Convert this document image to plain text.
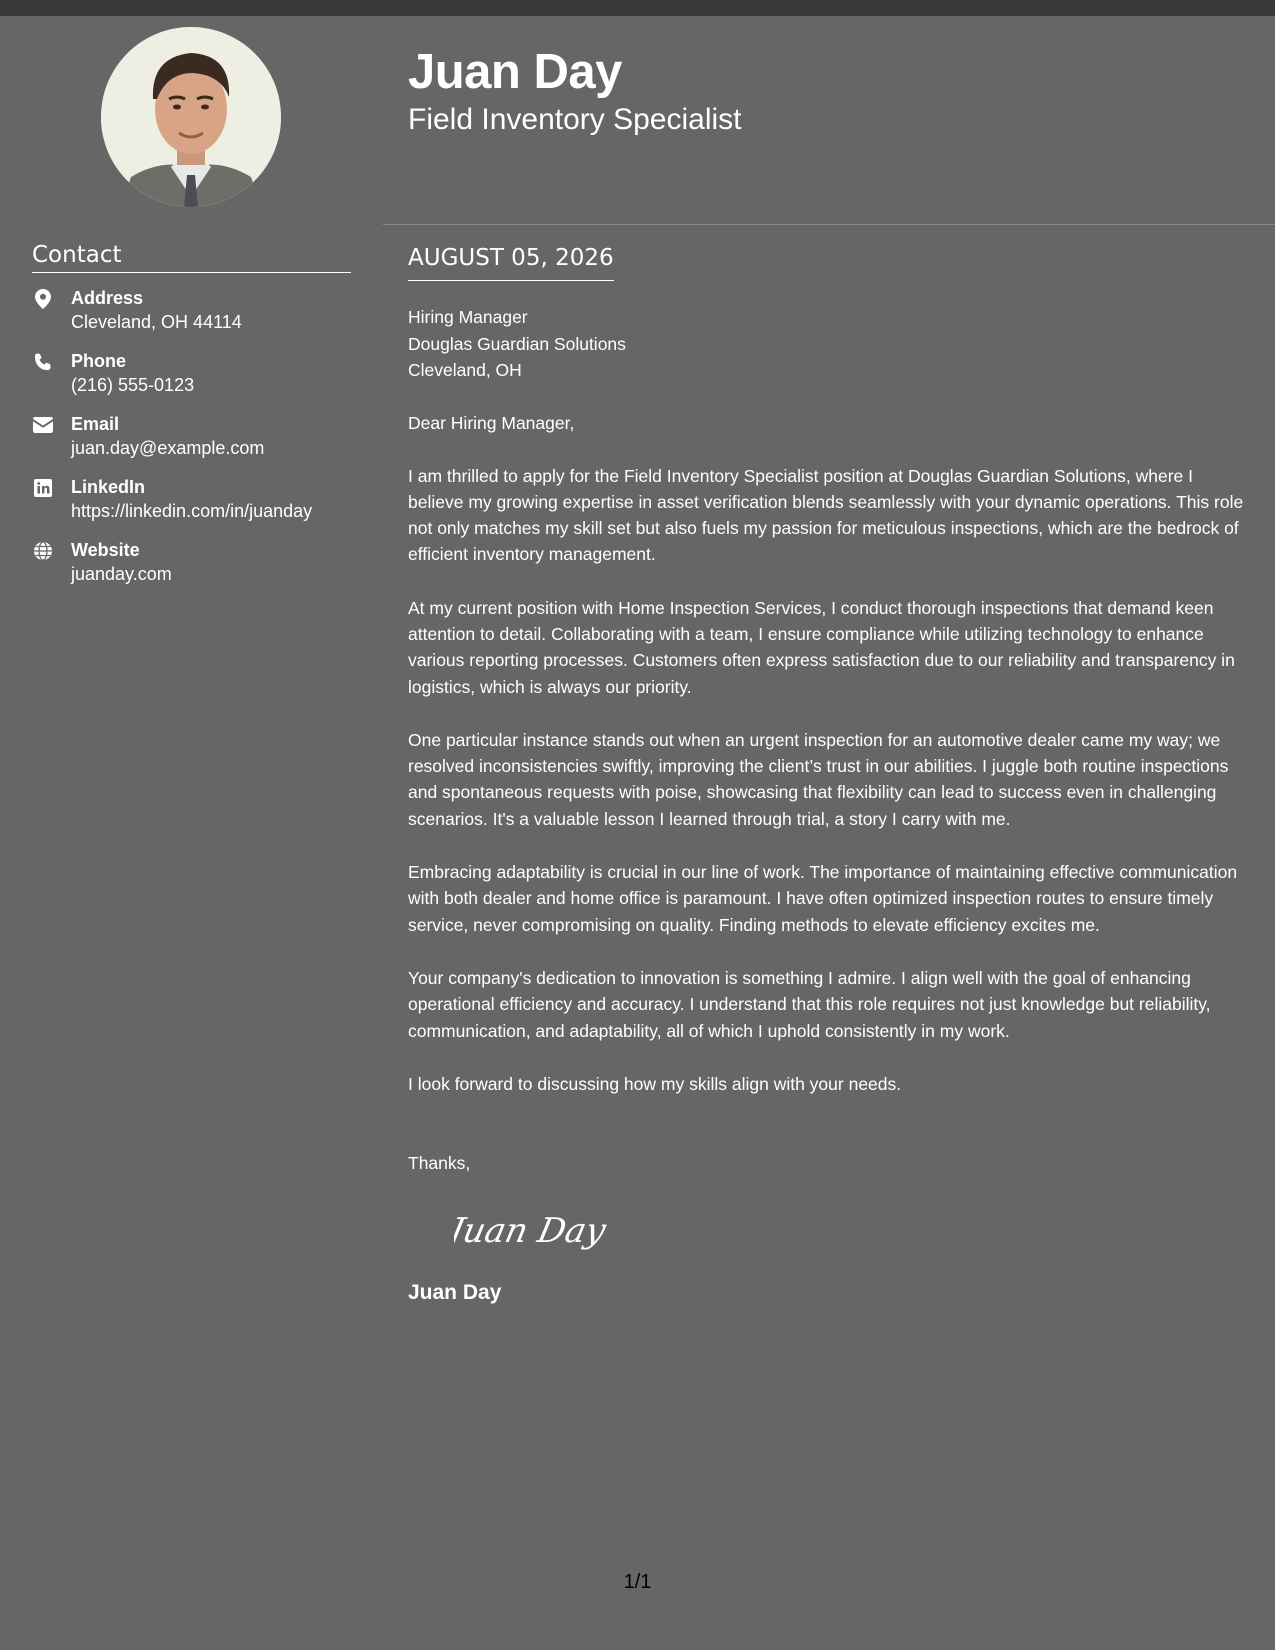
Contact
Address
Cleveland, OH 44114
Phone
(216) 555-0123
Email
juan.day@example.com
LinkedIn
https://linkedin.com/in/juanday
Website
juanday.com
Juan Day
Field Inventory Specialist
AUGUST 05, 2026
Hiring Manager
Douglas Guardian Solutions
Cleveland, OH

Dear Hiring Manager,

I am thrilled to apply for the Field Inventory Specialist position at Douglas Guardian Solutions, where I believe my growing expertise in asset verification blends seamlessly with your dynamic operations. This role not only matches my skill set but also fuels my passion for meticulous inspections, which are the bedrock of efficient inventory management.

At my current position with Home Inspection Services, I conduct thorough inspections that demand keen attention to detail. Collaborating with a team, I ensure compliance while utilizing technology to enhance various reporting processes. Customers often express satisfaction due to our reliability and transparency in logistics, which is always our priority.

One particular instance stands out when an urgent inspection for an automotive dealer came my way; we resolved inconsistencies swiftly, improving the client’s trust in our abilities. I juggle both routine inspections and spontaneous requests with poise, showcasing that flexibility can lead to success even in challenging scenarios. It's a valuable lesson I learned through trial, a story I carry with me.

Embracing adaptability is crucial in our line of work. The importance of maintaining effective communication with both dealer and home office is paramount. I have often optimized inspection routes to ensure timely service, never compromising on quality. Finding methods to elevate efficiency excites me.

Your company's dedication to innovation is something I admire. I align well with the goal of enhancing operational efficiency and accuracy. I understand that this role requires not just knowledge but reliability, communication, and adaptability, all of which I uphold consistently in my work.

I look forward to discussing how my skills align with your needs.

Thanks,

Juan Day
Juan Day
1/1
